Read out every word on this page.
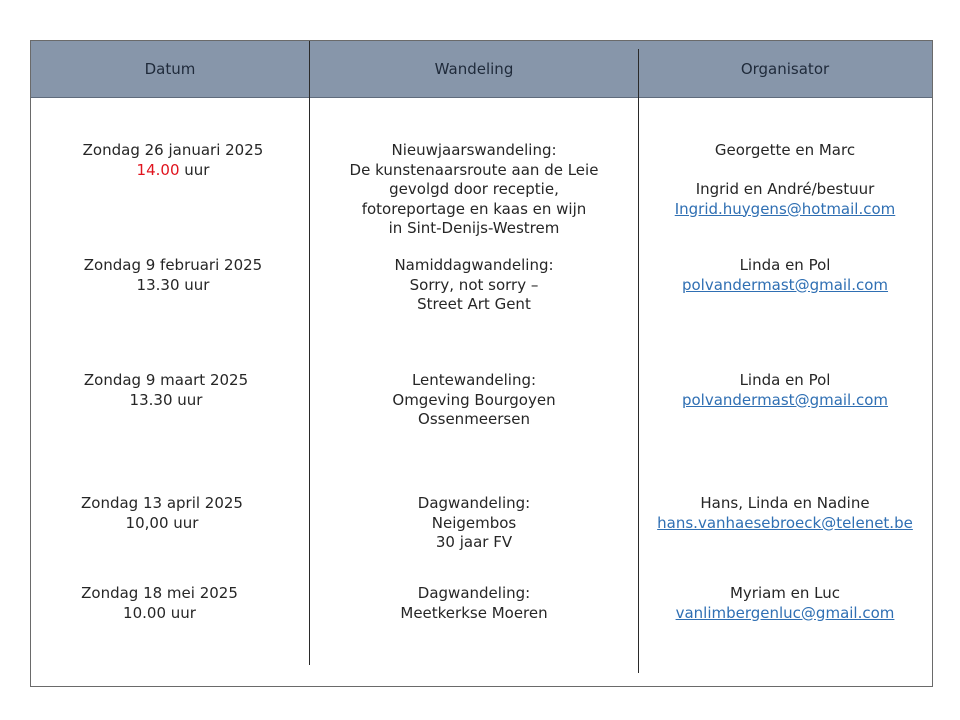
Datum	Wandeling	Organisator
Zondag 26 januari 2025
14.00 uur
Nieuwjaarswandeling:
De kunstenaarsroute aan de Leie
gevolgd door receptie,
fotoreportage en kaas en wijn
in Sint-Denijs-Westrem
Georgette en Marc
Ingrid en André/bestuur
Ingrid.huygens@hotmail.com
Zondag 9 februari 2025
13.30 uur
Namiddagwandeling:
Sorry, not sorry –
Street Art Gent
Linda en Pol
polvandermast@gmail.com
Zondag 9 maart 2025
13.30 uur
Lentewandeling:
Omgeving Bourgoyen
Ossenmeersen
Linda en Pol
polvandermast@gmail.com
Zondag 13 april 2025
10,00 uur
Dagwandeling:
Neigembos
30 jaar FV
Hans, Linda en Nadine
hans.vanhaesebroeck@telenet.be
Zondag 18 mei 2025
10.00 uur
Dagwandeling:
Meetkerkse Moeren
Myriam en Luc
vanlimbergenluc@gmail.com
